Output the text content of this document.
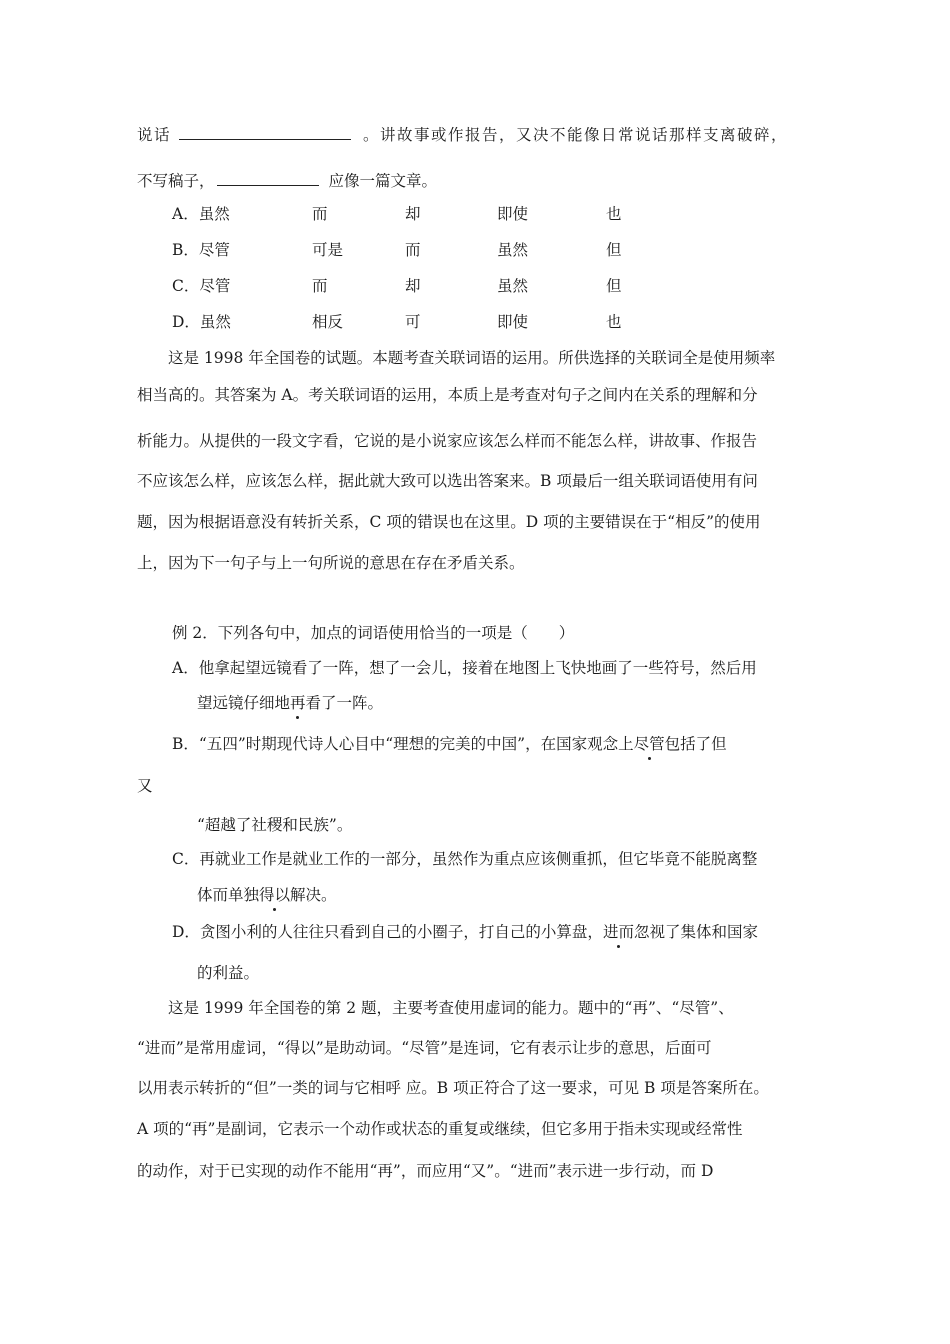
说话	。讲故事或作报告，又决不能像日常说话那样支离破碎，
不写稿子，	应像一篇文章。
A．虽然	而	却	即使	也
B．尽管	可是	而	虽然	但
C．尽管	而	却	虽然	但
D．虽然	相反	可	即使	也
　　这是 1998 年全国卷的试题。本题考查关联词语的运用。所供选择的关联词全是使用频率
相当高的。其答案为 A。考关联词语的运用，本质上是考查对句子之间内在关系的理解和分
析能力。从提供的一段文字看，它说的是小说家应该怎么样而不能怎么样，讲故事、作报告
不应该怎么样，应该怎么样，据此就大致可以选出答案来。B 项最后一组关联词语使用有问
题，因为根据语意没有转折关系，C 项的错误也在这里。D 项的主要错误在于“相反”的使用
上，因为下一句子与上一句所说的意思在存在矛盾关系。
例 2．下列各句中，加点的词语使用恰当的一项是（　　）
A．他拿起望远镜看了一阵，想了一会儿，接着在地图上飞快地画了一些符号，然后用
望远镜仔细地再看了一阵。
B．“五四”时期现代诗人心目中“理想的完美的中国”，在国家观念上尽管包括了但
又
“超越了社稷和民族”。
C．再就业工作是就业工作的一部分，虽然作为重点应该侧重抓，但它毕竟不能脱离整
体而单独得以解决。
D．贪图小利的人往往只看到自己的小圈子，打自己的小算盘，进而忽视了集体和国家
的利益。
　　这是 1999 年全国卷的第 2 题，主要考查使用虚词的能力。题中的“再”、“尽管”、
“进而”是常用虚词，“得以”是助动词。“尽管”是连词，它有表示让步的意思，后面可
以用表示转折的“但”一类的词与它相呼 应。B 项正符合了这一要求，可见 B 项是答案所在。
A 项的“再”是副词，它表示一个动作或状态的重复或继续，但它多用于指未实现或经常性
的动作，对于已实现的动作不能用“再”，而应用“又”。“进而”表示进一步行动，而 D
